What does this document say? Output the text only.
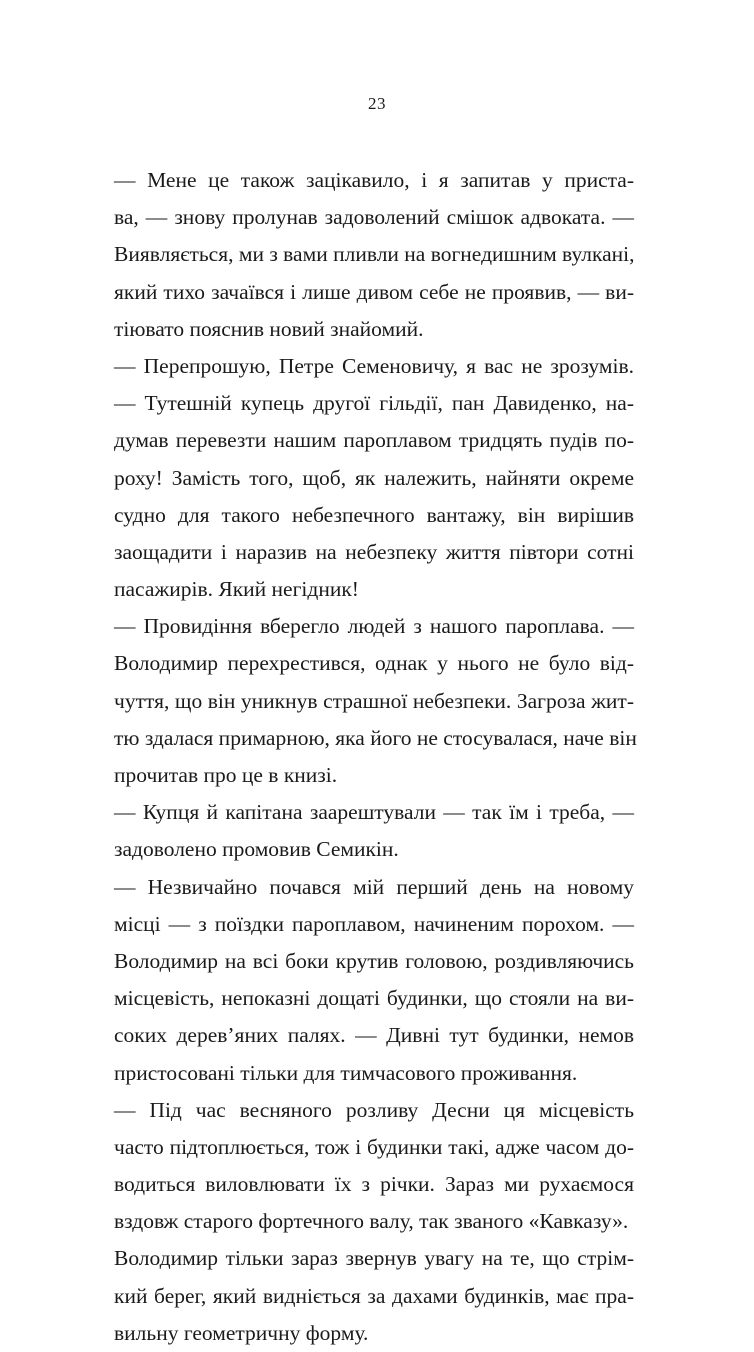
23
— Мене це також зацікавило, і я запитав у приста-
ва, — знову пролунав задоволений смішок адвоката. —
Виявляється, ми з вами пливли на вогнедишним вулкані,
який тихо зачаївся і лише дивом себе не проявив, — ви-
тіювато пояснив новий знайомий.
— Перепрошую, Петре Семеновичу, я вас не зрозумів.
— Тутешній купець другої гільдії, пан Давиденко, на-
думав перевезти нашим пароплавом тридцять пудів по-
роху! Замість того, щоб, як належить, найняти окреме
судно для такого небезпечного вантажу, він вирішив
заощадити і наразив на небезпеку життя півтори сотні
пасажирів. Який негідник!
— Провидіння вберегло людей з нашого пароплава. —
Володимир перехрестився, однак у нього не було від-
чуття, що він уникнув страшної небезпеки. Загроза жит-
тю здалася примарною, яка його не стосувалася, наче він
прочитав про це в книзі.
— Купця й капітана заарештували — так їм і треба, —
задоволено промовив Семикін.
— Незвичайно почався мій перший день на новому
місці — з поїздки пароплавом, начиненим порохом. —
Володимир на всі боки крутив головою, роздивляючись
місцевість, непоказні дощаті будинки, що стояли на ви-
соких дерев’яних палях. — Дивні тут будинки, немов
пристосовані тільки для тимчасового проживання.
— Під час весняного розливу Десни ця місцевість
часто підтоплюється, тож і будинки такі, адже часом до-
водиться виловлювати їх з річки. Зараз ми рухаємося
вздовж старого фортечного валу, так званого «Кавказу».
Володимир тільки зараз звернув увагу на те, що стрім-
кий берег, який видніється за дахами будинків, має пра-
вильну геометричну форму.
